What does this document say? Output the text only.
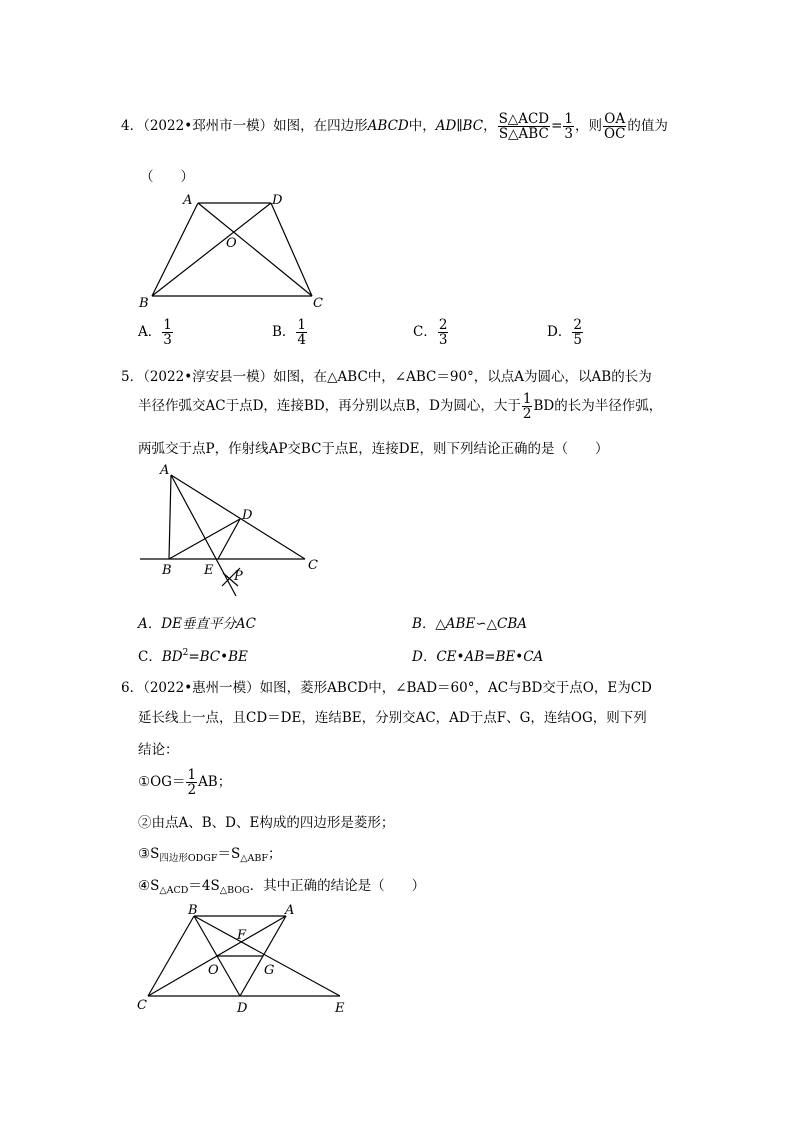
4．（2022•邳州市一模）如图，在四边形ABCD中，AD∥BC， $\frac{\text{S△ACD}}{\text{S△ABC}} = \frac{1}{3}$ ，则 $\frac{OA}{OC}$ 的值为
（　　）
A	D
O
B	C
A． $\frac{1}{3}$	B． $\frac{1}{4}$	C． $\frac{2}{3}$	D． $\frac{2}{5}$
5．（2022•淳安县一模）如图，在△ABC中，∠ABC＝90°，以点A为圆心，以AB的长为
半径作弧交AC于点D，连接BD，再分别以点B，D为圆心，大于 $\frac{1}{2}$ BD的长为半径作弧，
两弧交于点P，作射线AP交BC于点E，连接DE，则下列结论正确的是（　　）
A
D
B E P
C
A．DE垂直平分AC	B．△ABE∽△CBA
C．$BD^2=BC•BE$	D．CE•AB=BE•CA
6．（2022•惠州一模）如图，菱形ABCD中，∠BAD＝60°，AC与BD交于点O，E为CD
延长线上一点，且CD＝DE，连结BE，分别交AC，AD于点F、G，连结OG，则下列
结论：
①OG＝ $\frac{1}{2}$ AB；
②由点A、B、D、E构成的四边形是菱形；
$③S_{四边形ODGF}=S_{\triangle ABF}$；
$④S_{\triangle ACD}=4S_{\triangle BOG}$．其中正确的结论是（　　）
B	A
F
O	G
C	D	E
